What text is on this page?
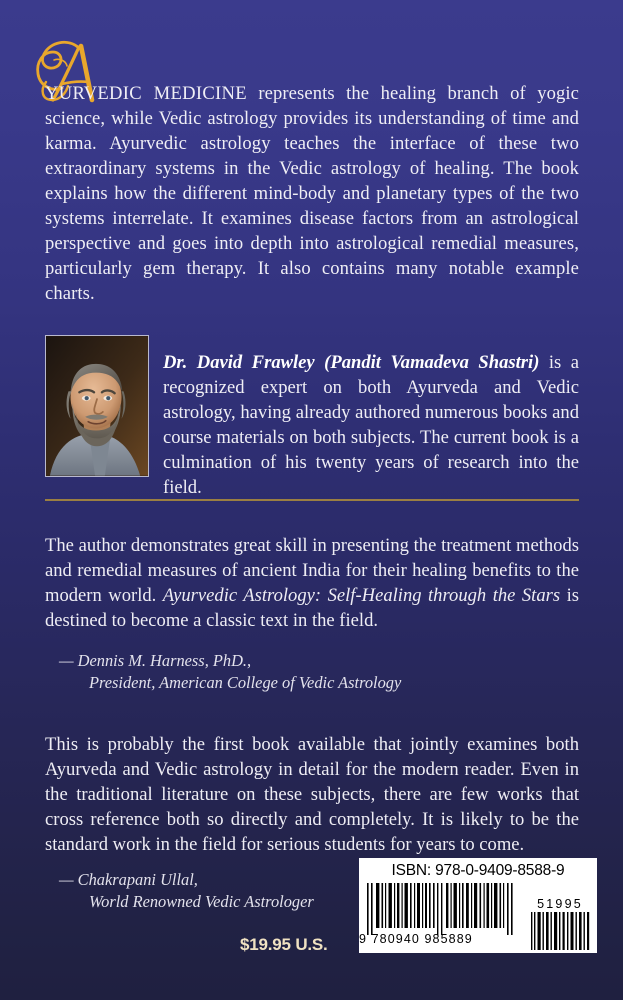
YURVEDIC MEDICINE represents the healing branch of yogic science, while Vedic astrology provides its understanding of time and karma. Ayurvedic astrology teaches the interface of these two extraordinary systems in the Vedic astrology of healing. The book explains how the different mind-body and planetary types of the two systems interrelate. It examines disease factors from an astrological perspective and goes into depth into astrological remedial measures, particularly gem therapy. It also contains many notable example charts.

Dr. David Frawley (Pandit Vamadeva Shastri) is a recognized expert on both Ayurveda and Vedic astrology, having already authored numerous books and course materials on both subjects. The current book is a culmination of his twenty years of research into the field.

The author demonstrates great skill in presenting the treatment methods and remedial measures of ancient India for their healing benefits to the modern world. Ayurvedic Astrology: Self-Healing through the Stars is destined to become a classic text in the field.

— Dennis M. Harness, PhD.,
President, American College of Vedic Astrology

This is probably the first book available that jointly examines both Ayurveda and Vedic astrology in detail for the modern reader. Even in the traditional literature on these subjects, there are few works that cross reference both so directly and completely. It is likely to be the standard work in the field for serious students for years to come.

— Chakrapani Ullal,
World Renowned Vedic Astrologer
$19.95 U.S.
ISBN: 978-0-9409-8588-9
9 780940 985889
51995
